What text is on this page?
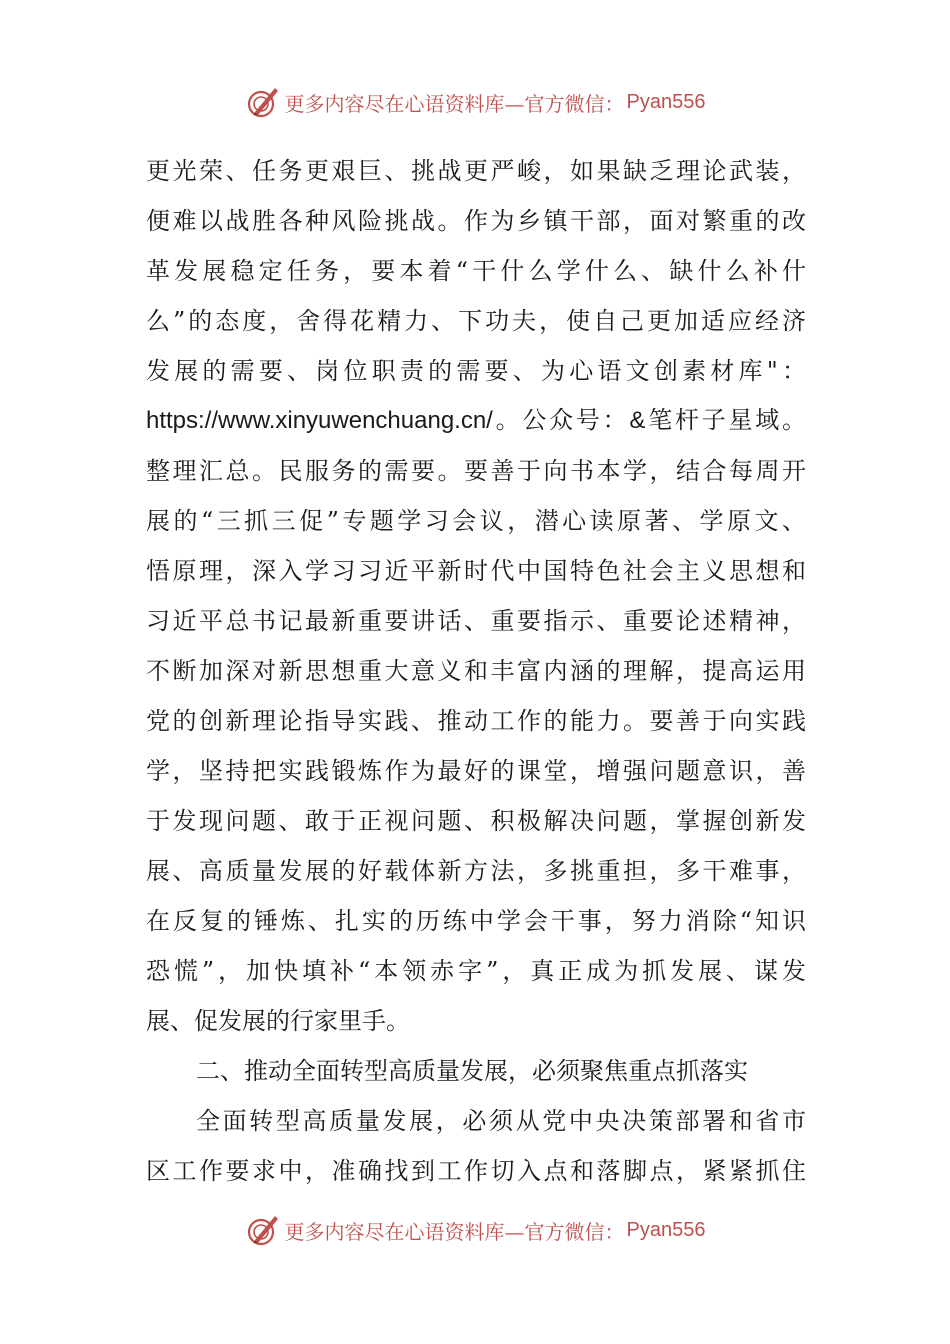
更多内容尽在心语资料库—官方微信： Pyan556
更光荣、任务更艰巨、挑战更严峻，如果缺乏理论武装，
便难以战胜各种风险挑战。作为乡镇干部，面对繁重的改
革发展稳定任务，要本着“干什么学什么、缺什么补什
么”的态度，舍得花精力、下功夫，使自己更加适应经济
发展的需要、岗位职责的需要、为心语文创素材库"：
https://www.xinyuwenchuang.cn/。公众号：&笔杆子星域。
整理汇总。民服务的需要。要善于向书本学，结合每周开
展的“三抓三促”专题学习会议，潜心读原著、学原文、
悟原理，深入学习习近平新时代中国特色社会主义思想和
习近平总书记最新重要讲话、重要指示、重要论述精神，
不断加深对新思想重大意义和丰富内涵的理解，提高运用
党的创新理论指导实践、推动工作的能力。要善于向实践
学，坚持把实践锻炼作为最好的课堂，增强问题意识，善
于发现问题、敢于正视问题、积极解决问题，掌握创新发
展、高质量发展的好载体新方法，多挑重担，多干难事，
在反复的锤炼、扎实的历练中学会干事，努力消除“知识
恐慌”，加快填补“本领赤字”，真正成为抓发展、谋发
展、促发展的行家里手。
二、推动全面转型高质量发展，必须聚焦重点抓落实
全面转型高质量发展，必须从党中央决策部署和省市
区工作要求中，准确找到工作切入点和落脚点，紧紧抓住
更多内容尽在心语资料库—官方微信： Pyan556
